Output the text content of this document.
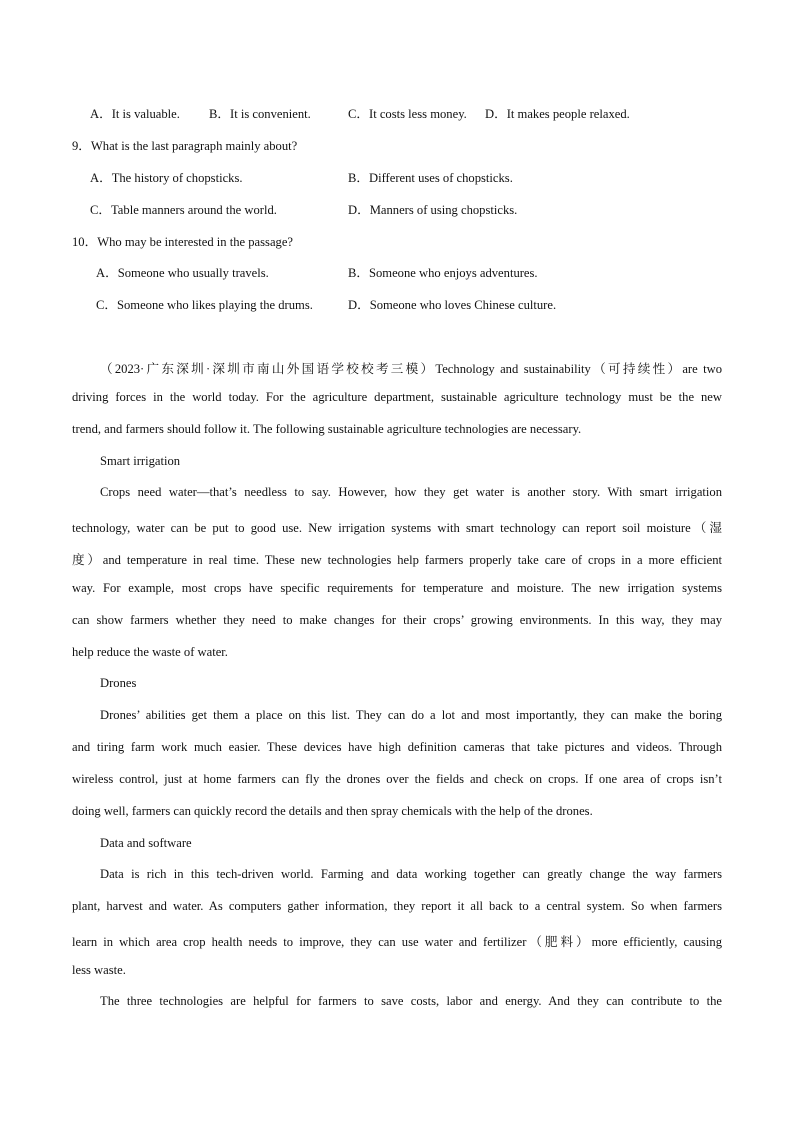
A．It is valuable. B．It is convenient.	C．It costs less money. D．It makes people relaxed.
9．What is the last paragraph mainly about?
A．The history of chopsticks.	B．Different uses of chopsticks.
C．Table manners around the world.	D．Manners of using chopsticks.
10．Who may be interested in the passage?
A．Someone who usually travels.	B．Someone who enjoys adventures.
C．Someone who likes playing the drums.	D．Someone who loves Chinese culture.
（2023·广东深圳·深圳市南山外国语学校校考三模）Technology and sustainability（可持续性）are two
driving forces in the world today. For the agriculture department, sustainable agriculture technology must be the new
trend, and farmers should follow it. The following sustainable agriculture technologies are necessary.
Smart irrigation
Crops need water—that’s needless to say. However, how they get water is another story. With smart irrigation
technology, water can be put to good use. New irrigation systems with smart technology can report soil moisture（湿
度）and temperature in real time. These new technologies help farmers properly take care of crops in a more efficient
way. For example, most crops have specific requirements for temperature and moisture. The new irrigation systems
can show farmers whether they need to make changes for their crops’ growing environments. In this way, they may
help reduce the waste of water.
Drones
Drones’ abilities get them a place on this list. They can do a lot and most importantly, they can make the boring
and tiring farm work much easier. These devices have high definition cameras that take pictures and videos. Through
wireless control, just at home farmers can fly the drones over the fields and check on crops. If one area of crops isn’t
doing well, farmers can quickly record the details and then spray chemicals with the help of the drones.
Data and software
Data is rich in this tech-driven world. Farming and data working together can greatly change the way farmers
plant, harvest and water. As computers gather information, they report it all back to a central system. So when farmers
learn in which area crop health needs to improve, they can use water and fertilizer（肥料）more efficiently, causing
less waste.
The three technologies are helpful for farmers to save costs, labor and energy. And they can contribute to the
